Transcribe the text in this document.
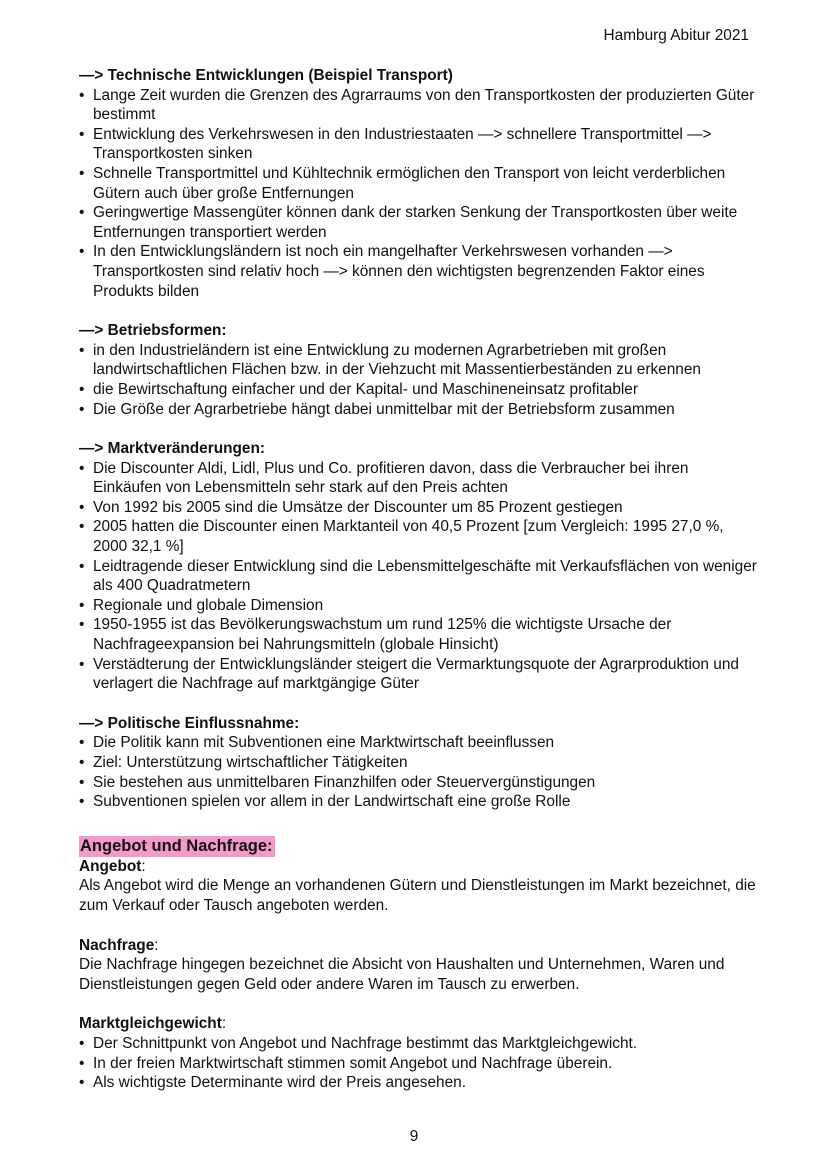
Hamburg Abitur 2021

—> Technische Entwicklungen (Beispiel Transport)

• Lange Zeit wurden die Grenzen des Agrarraums von den Transportkosten der produzierten Güter bestimmt
• Entwicklung des Verkehrswesen in den Industriestaaten —> schnellere Transportmittel —> Transportkosten sinken
• Schnelle Transportmittel und Kühltechnik ermöglichen den Transport von leicht verderblichen Gütern auch über große Entfernungen
• Geringwertige Massengüter können dank der starken Senkung der Transportkosten über weite Entfernungen transportiert werden
• In den Entwicklungsländern ist noch ein mangelhafter Verkehrswesen vorhanden —> Transportkosten sind relativ hoch —> können den wichtigsten begrenzenden Faktor eines Produkts bilden

—> Betriebsformen:

• in den Industrieländern ist eine Entwicklung zu modernen Agrarbetrieben mit großen landwirtschaftlichen Flächen bzw. in der Viehzucht mit Massentierbeständen zu erkennen
• die Bewirtschaftung einfacher und der Kapital- und Maschineneinsatz profitabler
• Die Größe der Agrarbetriebe hängt dabei unmittelbar mit der Betriebsform zusammen

—> Marktveränderungen:

• Die Discounter Aldi, Lidl, Plus und Co. profitieren davon, dass die Verbraucher bei ihren Einkäufen von Lebensmitteln sehr stark auf den Preis achten
• Von 1992 bis 2005 sind die Umsätze der Discounter um 85 Prozent gestiegen
• 2005 hatten die Discounter einen Marktanteil von 40,5 Prozent [zum Vergleich: 1995 27,0 %, 2000 32,1 %]
• Leidtragende dieser Entwicklung sind die Lebensmittelgeschäfte mit Verkaufsflächen von weniger als 400 Quadratmetern
• Regionale und globale Dimension
• 1950-1955 ist das Bevölkerungswachstum um rund 125% die wichtigste Ursache der Nachfrageexpansion bei Nahrungsmitteln (globale Hinsicht)
• Verstädterung der Entwicklungsländer steigert die Vermarktungsquote der Agrarproduktion und verlagert die Nachfrage auf marktgängige Güter

—> Politische Einflussnahme:

• Die Politik kann mit Subventionen eine Marktwirtschaft beeinflussen
• Ziel: Unterstützung wirtschaftlicher Tätigkeiten
• Sie bestehen aus unmittelbaren Finanzhilfen oder Steuervergünstigungen
• Subventionen spielen vor allem in der Landwirtschaft eine große Rolle
Angebot und Nachfrage:

Angebot:

Als Angebot wird die Menge an vorhandenen Gütern und Dienstleistungen im Markt bezeichnet, die zum Verkauf oder Tausch angeboten werden.

Nachfrage:

Die Nachfrage hingegen bezeichnet die Absicht von Haushalten und Unternehmen, Waren und Dienstleistungen gegen Geld oder andere Waren im Tausch zu erwerben.

Marktgleichgewicht:

• Der Schnittpunkt von Angebot und Nachfrage bestimmt das Marktgleichgewicht.
• In der freien Marktwirtschaft stimmen somit Angebot und Nachfrage überein.
• Als wichtigste Determinante wird der Preis angesehen.
9
